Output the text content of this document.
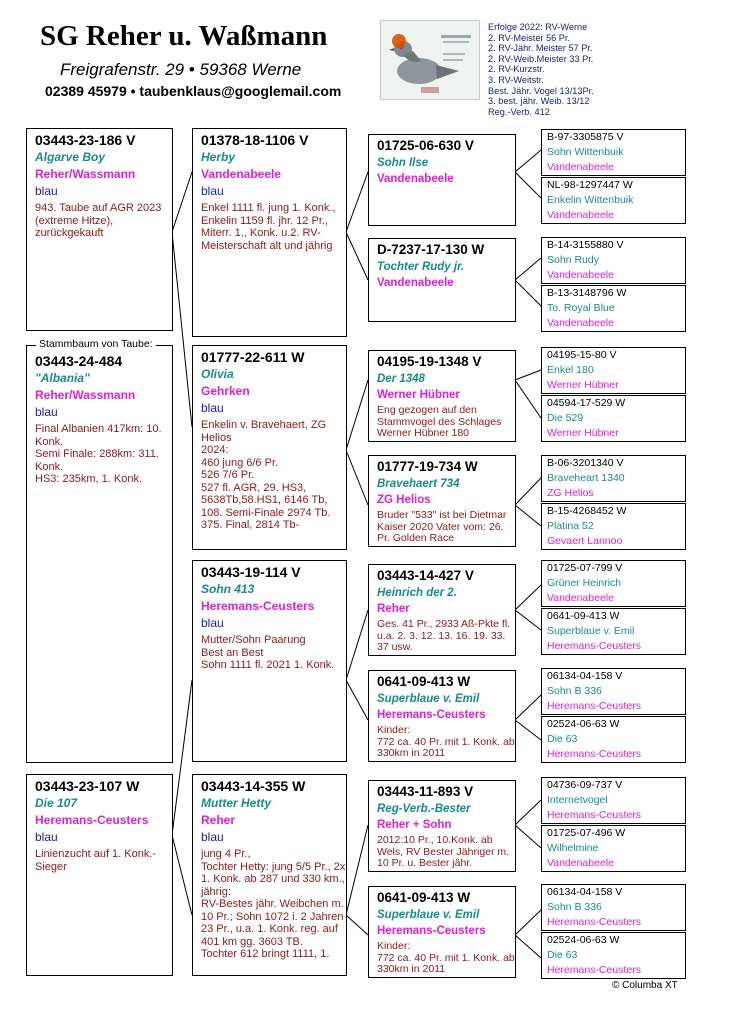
SG Reher u. Waßmann
Freigrafenstr. 29 • 59368 Werne
02389 45979 • taubenklaus@googlemail.com
Erfolge 2022: RV-Werne
2. RV-Meister 56 Pr.
2. RV-Jähr. Meister 57 Pr.
2. RV-Weib.Meister 33 Pr.
2. RV-Kurzstr.
3. RV-Weitstr.
Best. Jähr. Vogel 13/13Pr.
3. best. jähr. Weib. 13/12
Reg.-Verb. 412
03443-23-186 V
Algarve Boy
Reher/Wassmann
blau
943. Taube auf AGR 2023 (extreme Hitze), zurückgekauft
03443-24-484
"Albania"
Reher/Wassmann
blau
Final Albanien 417km: 10. Konk.
Semi Finale: 288km: 311. Konk.
HS3: 235km, 1. Konk.
Stammbaum von Taube:
03443-23-107 W
Die 107
Heremans-Ceusters
blau
Linienzucht auf 1. Konk.-Sieger
01378-18-1106 V
Herby
Vandenabeele
blau
Enkel 1111 fl. jung 1. Konk., Enkelin 1159 fl. jhr. 12 Pr., Miterr. 1., Konk. u.2. RV-Meisterschaft alt und jährig
01777-22-611 W
Olivia
Gehrken
blau
Enkelin v. Bravehaert, ZG Helios
2024:
460 jung 6/6 Pr.
526 7/6 Pr.
527 fl. AGR, 29. HS3, 5638Tb,58.HS1, 6146 Tb, 108. Semi-Finale 2974 Tb. 375. Final, 2814 Tb-
03443-19-114 V
Sohn 413
Heremans-Ceusters
blau
Mutter/Sohn Paarung
Best an Best
Sohn 1111 fl. 2021 1. Konk.
03443-14-355 W
Mutter Hetty
Reher
blau
jung 4 Pr.,
Tochter Hetty: jung 5/5 Pr., 2x 1. Konk. ab 287 und 330 km., jährig:
RV-Bestes jähr. Weibchen m. 10 Pr.; Sohn 1072 i. 2 Jahren 23 Pr., u.a. 1. Konk. reg. auf 401 km gg. 3603 TB.
Tochter 612 bringt 1111, 1.
01725-06-630 V
Sohn Ilse
Vandenabeele
D-7237-17-130 W
Tochter Rudy jr.
Vandenabeele
04195-19-1348 V
Der 1348
Werner Hübner
Eng gezogen auf den Stammvogel des Schlages Werner Hübner 180
01777-19-734 W
Bravehaert 734
ZG Helios
Bruder "533" ist bei Dietmar Kaiser 2020 Vater vom: 26. Pr. Golden Race
03443-14-427 V
Heinrich der 2.
Reher
Ges. 41 Pr., 2933 Aß-Pkte fl. u.a. 2. 3. 12. 13. 16. 19. 33. 37 usw.
0641-09-413 W
Superblaue v. Emil
Heremans-Ceusters
Kinder:
772 ca. 40 Pr. mit 1. Konk. ab 330km in 2011
03443-11-893 V
Reg-Verb.-Bester
Reher + Sohn
2012:10 Pr., 10.Konk. ab Wels, RV Bester Jähriger m. 10 Pr. u. Bester jähr.
0641-09-413 W
Superblaue v. Emil
Heremans-Ceusters
Kinder:
772 ca. 40 Pr. mit 1. Konk. ab 330km in 2011
B-97-3305875 V
Sohn Wittenbuik
Vandenabeele
NL-98-1297447 W
Enkelin Wittenbuik
Vandenabeele
B-14-3155880 V
Sohn Rudy
Vandenabeele
B-13-3148796 W
To. Royal Blue
Vandenabeele
04195-15-80 V
Enkel 180
Werner Hübner
04594-17-529 W
Die 529
Werner Hübner
B-06-3201340 V
Braveheart 1340
ZG Helios
B-15-4268452 W
Platina 52
Gevaert Lannoo
01725-07-799 V
Grüner Heinrich
Vandenabeele
0641-09-413 W
Superblaue v. Emil
Heremans-Ceusters
06134-04-158 V
Sohn B 336
Heremans-Ceusters
02524-06-63 W
Die 63
Heremans-Ceusters
04736-09-737 V
Internetvogel
Heremans-Ceusters
01725-07-496 W
Wilhelmine
Vandenabeele
06134-04-158 V
Sohn B 336
Heremans-Ceusters
02524-06-63 W
Die 63
Heremans-Ceusters
© Columba XT
